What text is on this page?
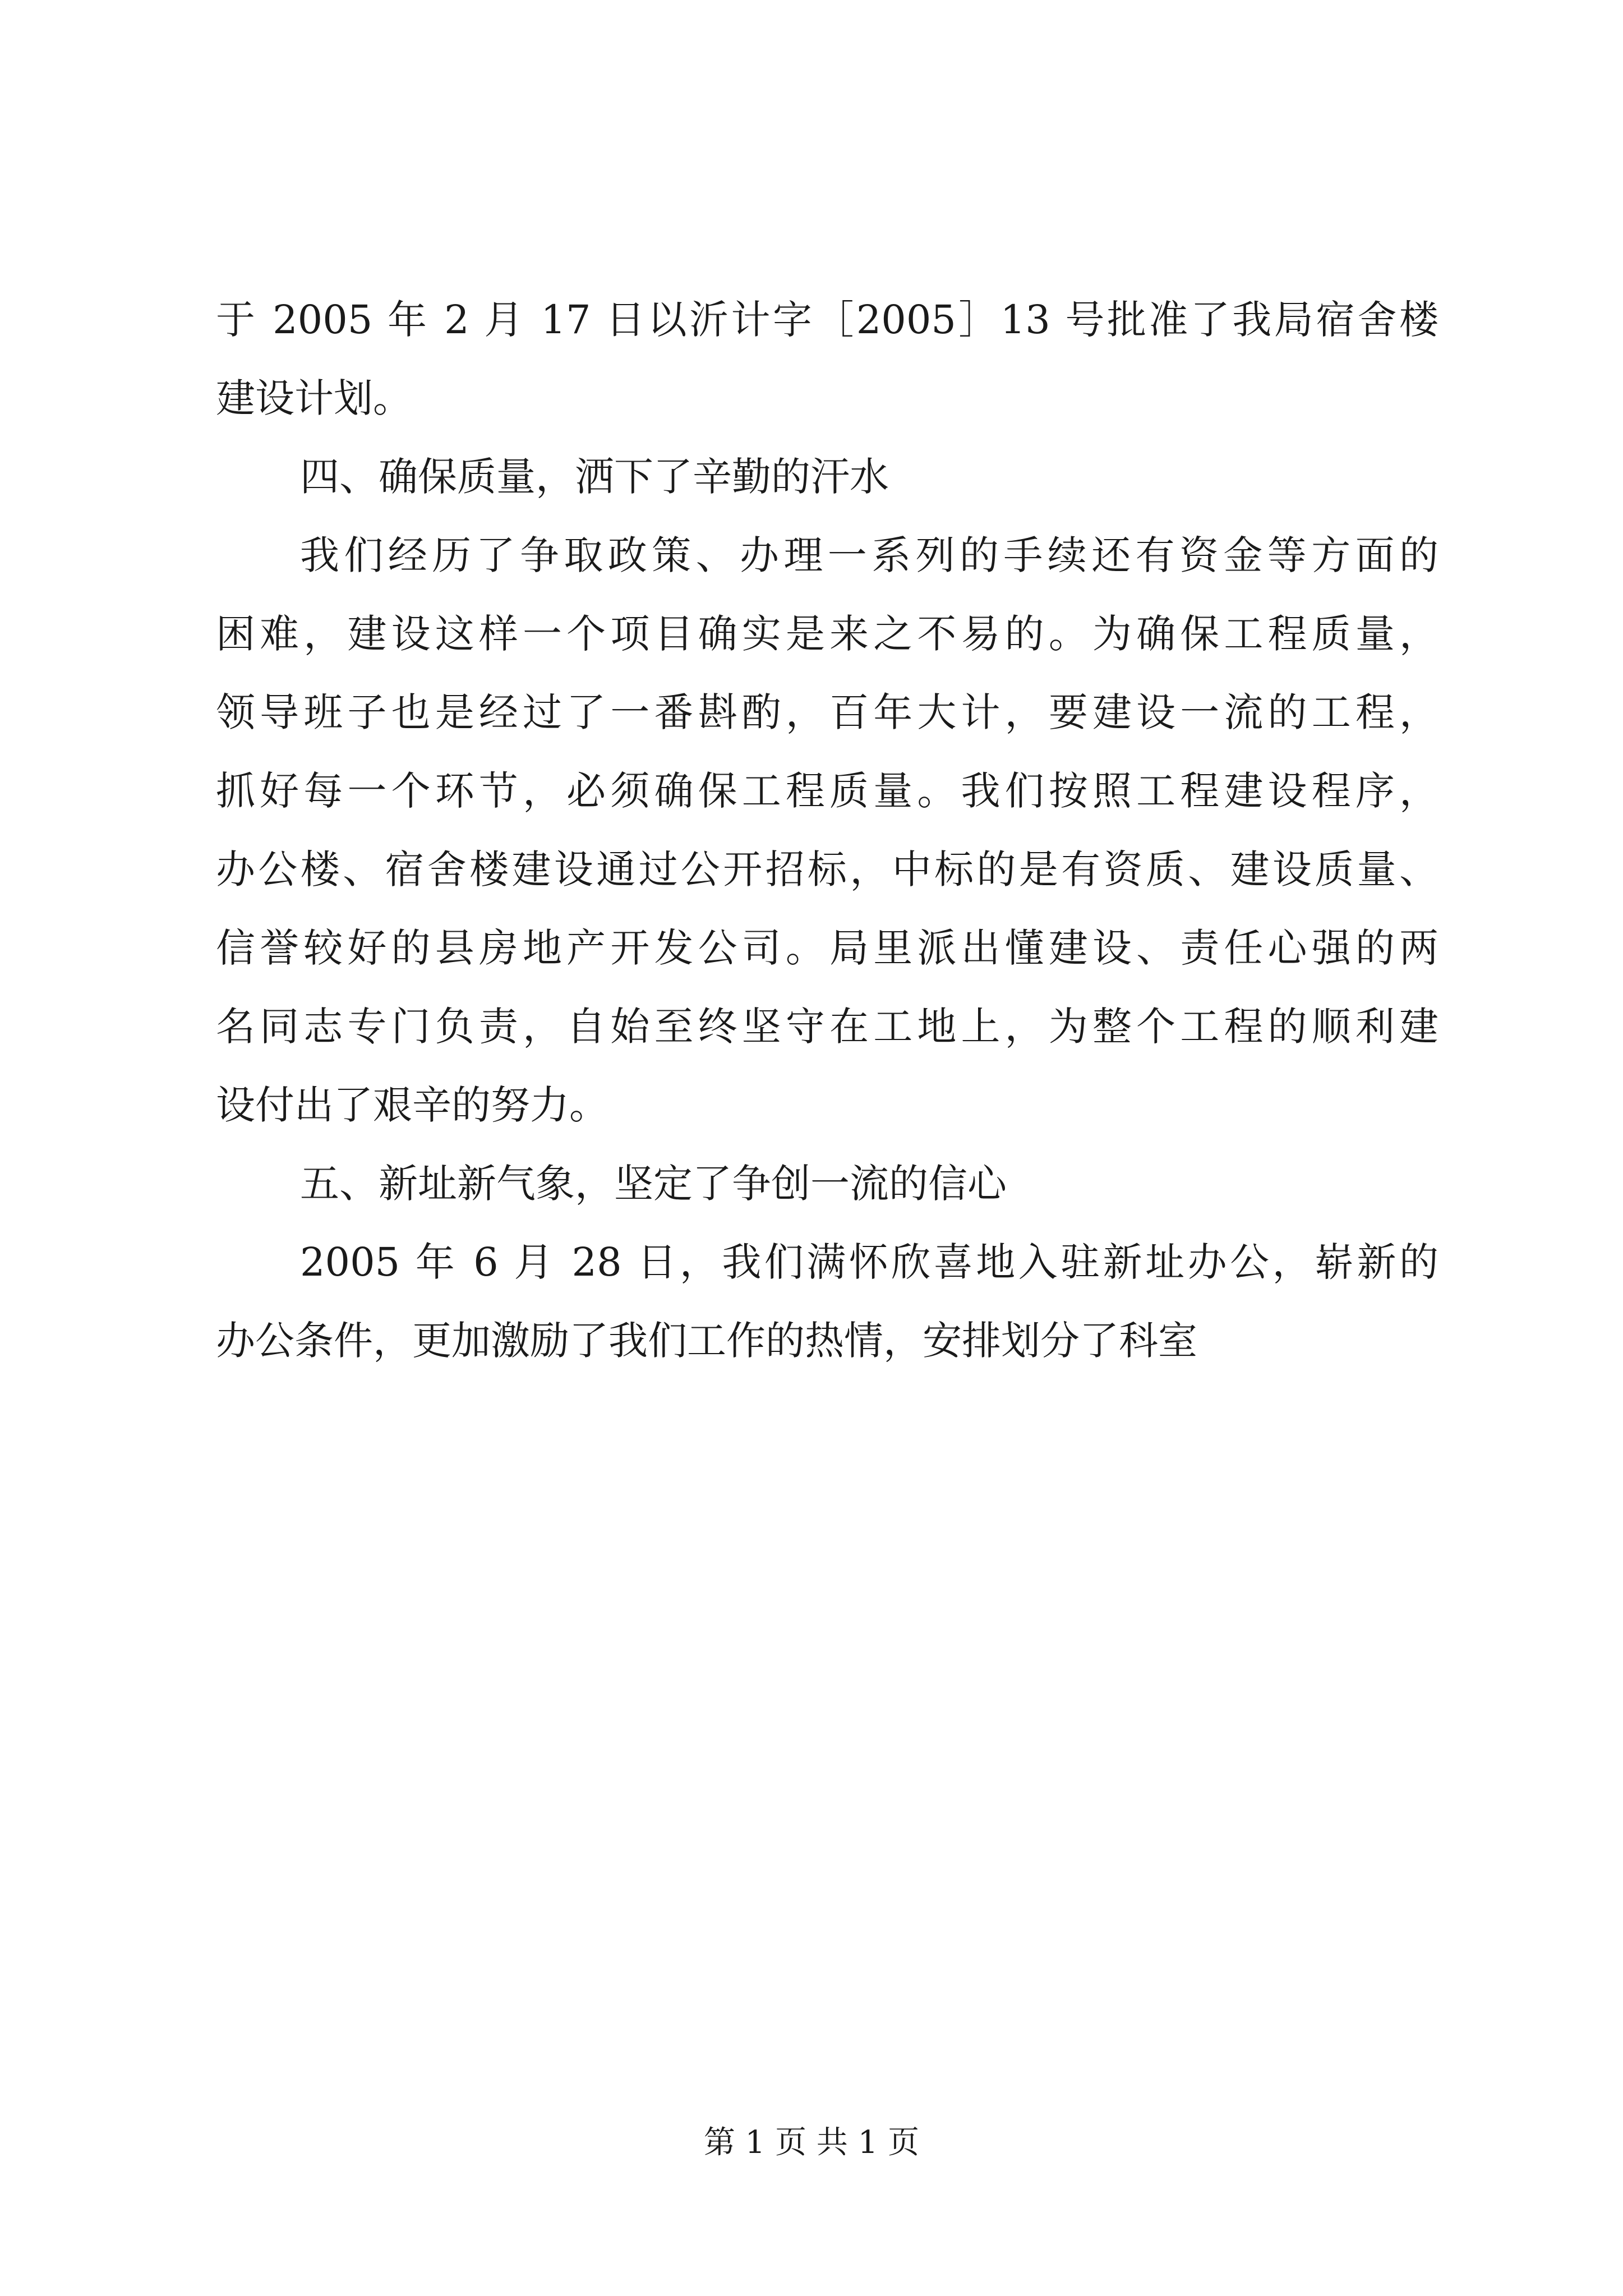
于 2005 年 2 月 17 日以沂计字［2005］13 号批准了我局宿舍楼
建设计划。
四、确保质量，洒下了辛勤的汗水
我们经历了争取政策、办理一系列的手续还有资金等方面的
困难，建设这样一个项目确实是来之不易的。为确保工程质量，
领导班子也是经过了一番斟酌，百年大计，要建设一流的工程，
抓好每一个环节，必须确保工程质量。我们按照工程建设程序，
办公楼、宿舍楼建设通过公开招标，中标的是有资质、建设质量、
信誉较好的县房地产开发公司。局里派出懂建设、责任心强的两
名同志专门负责，自始至终坚守在工地上，为整个工程的顺利建
设付出了艰辛的努力。
五、新址新气象，坚定了争创一流的信心
2005 年 6 月 28 日，我们满怀欣喜地入驻新址办公，崭新的
办公条件，更加激励了我们工作的热情，安排划分了科室
第 1 页 共 1 页
